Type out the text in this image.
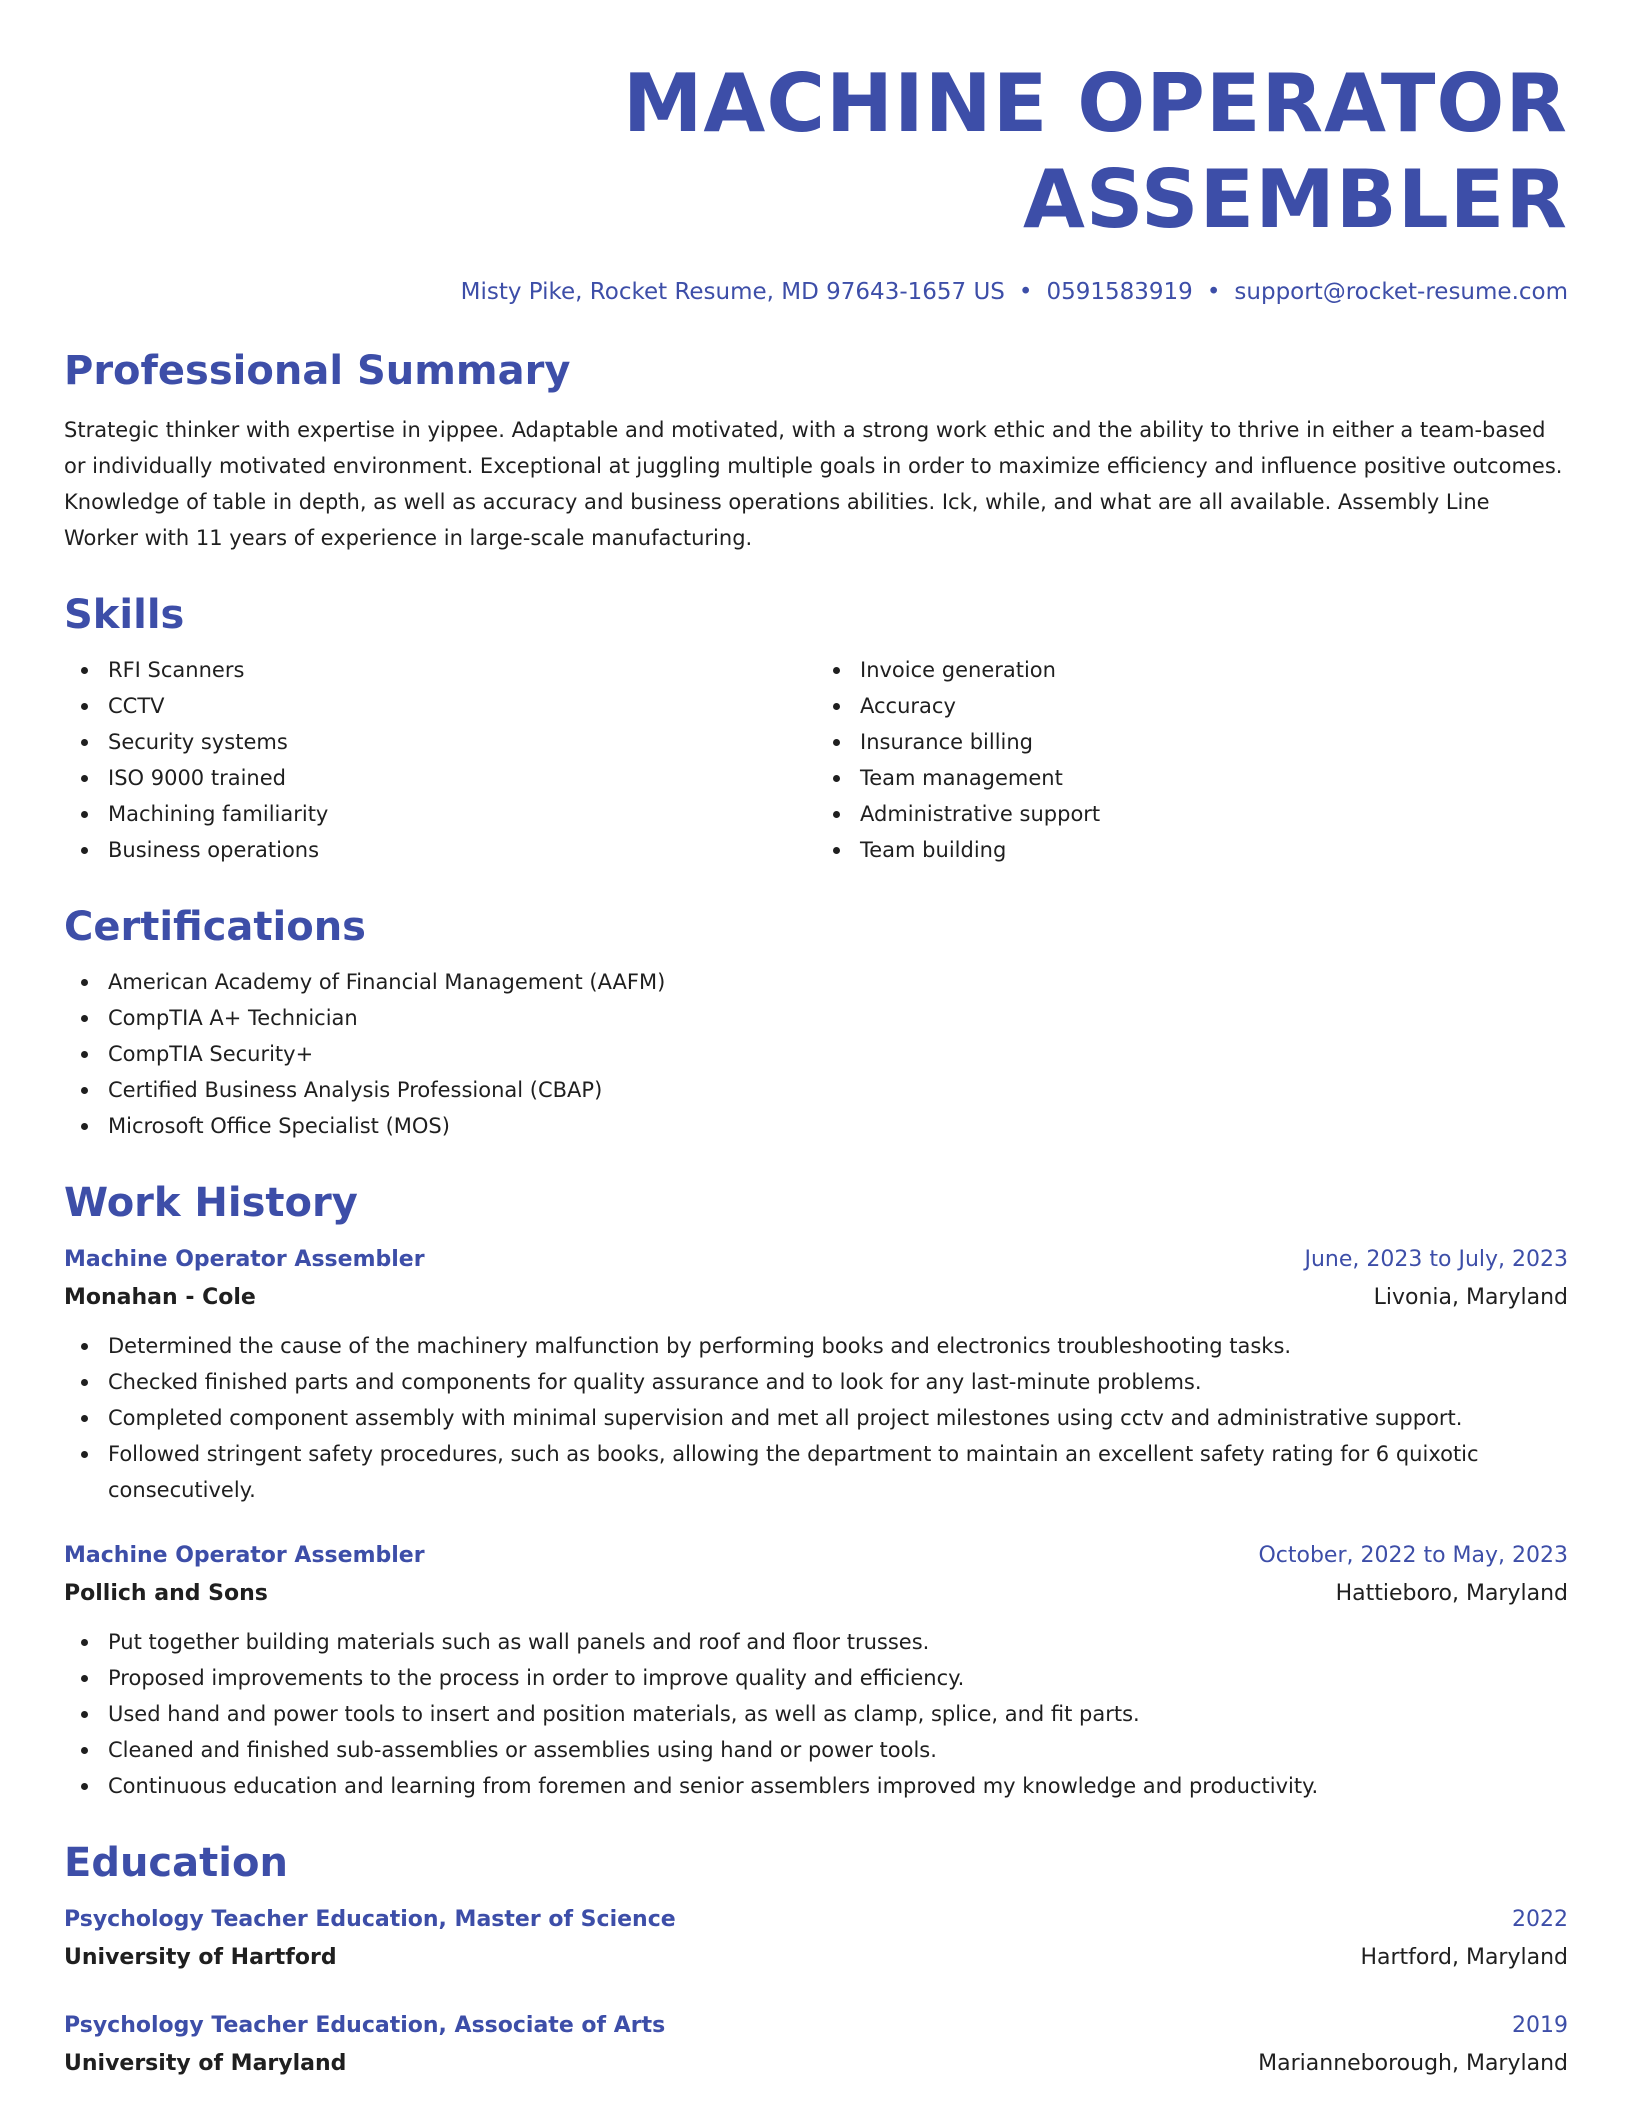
MACHINE OPERATOR ASSEMBLER
Misty Pike, Rocket Resume, MD 97643-1657 US • 0591583919 • support@rocket-resume.com
Professional Summary

Strategic thinker with expertise in yippee. Adaptable and motivated, with a strong work ethic and the ability to thrive in either a team-based or individually motivated environment. Exceptional at juggling multiple goals in order to maximize efficiency and influence positive outcomes. Knowledge of table in depth, as well as accuracy and business operations abilities. Ick, while, and what are all available. Assembly Line Worker with 11 years of experience in large-scale manufacturing.

Skills
RFI Scanners
CCTV
Security systems
ISO 9000 trained
Machining familiarity
Business operations
Invoice generation
Accuracy
Insurance billing
Team management
Administrative support
Team building
Certifications
American Academy of Financial Management (AAFM)
CompTIA A+ Technician
CompTIA Security+
Certified Business Analysis Professional (CBAP)
Microsoft Office Specialist (MOS)
Work History
Machine Operator Assembler	June, 2023 to July, 2023
Monahan - Cole	Livonia, Maryland
Determined the cause of the machinery malfunction by performing books and electronics troubleshooting tasks.
Checked finished parts and components for quality assurance and to look for any last-minute problems.
Completed component assembly with minimal supervision and met all project milestones using cctv and administrative support.
Followed stringent safety procedures, such as books, allowing the department to maintain an excellent safety rating for 6 quixotic consecutively.
Machine Operator Assembler	October, 2022 to May, 2023
Pollich and Sons	Hattieboro, Maryland
Put together building materials such as wall panels and roof and floor trusses.
Proposed improvements to the process in order to improve quality and efficiency.
Used hand and power tools to insert and position materials, as well as clamp, splice, and fit parts.
Cleaned and finished sub-assemblies or assemblies using hand or power tools.
Continuous education and learning from foremen and senior assemblers improved my knowledge and productivity.
Education
Psychology Teacher Education, Master of Science	2022
University of Hartford	Hartford, Maryland
Psychology Teacher Education, Associate of Arts	2019
University of Maryland	Marianneborough, Maryland
